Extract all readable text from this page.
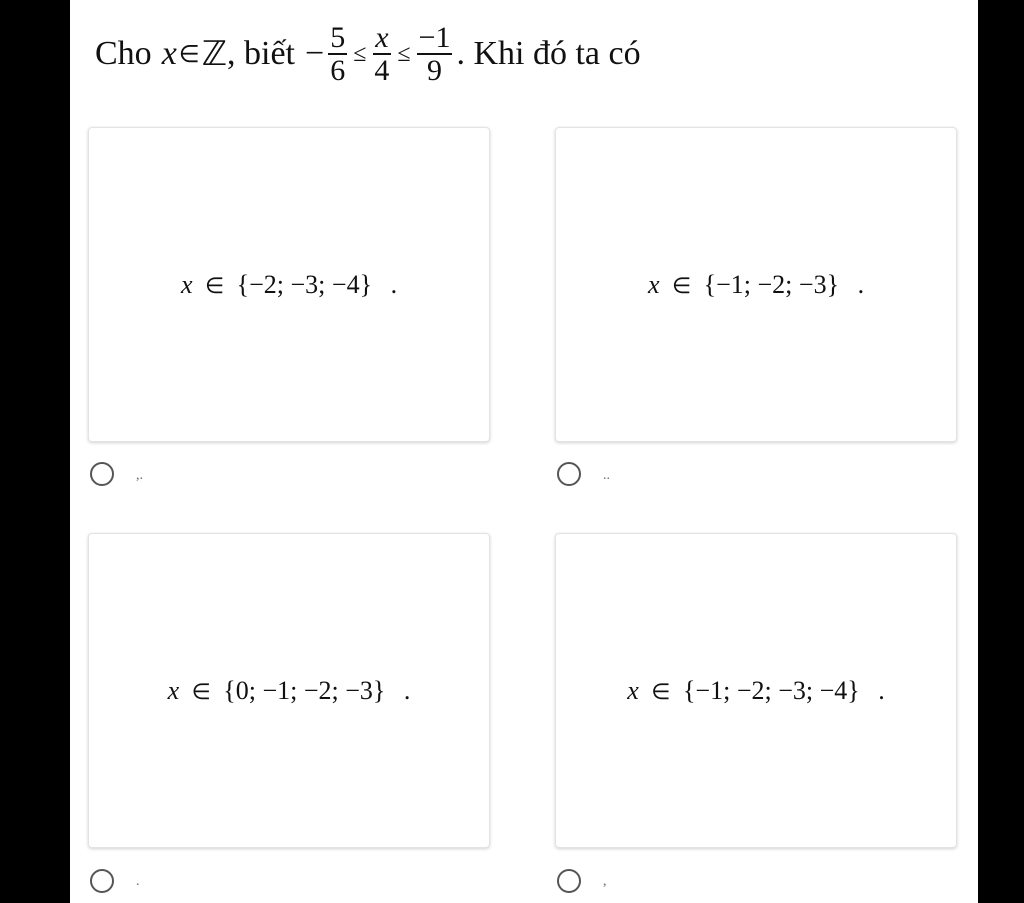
Cho x ∈ ℤ , biết − $\frac{5}{6} \le \frac{x}{4} \le \frac{-1}{9}$ . Khi đó ta có
x ∈ {−2; −3; −4} .
,.
x ∈ {−1; −2; −3} .
..
x ∈ {0; −1; −2; −3} .
.
x ∈ {−1; −2; −3; −4} .
,
